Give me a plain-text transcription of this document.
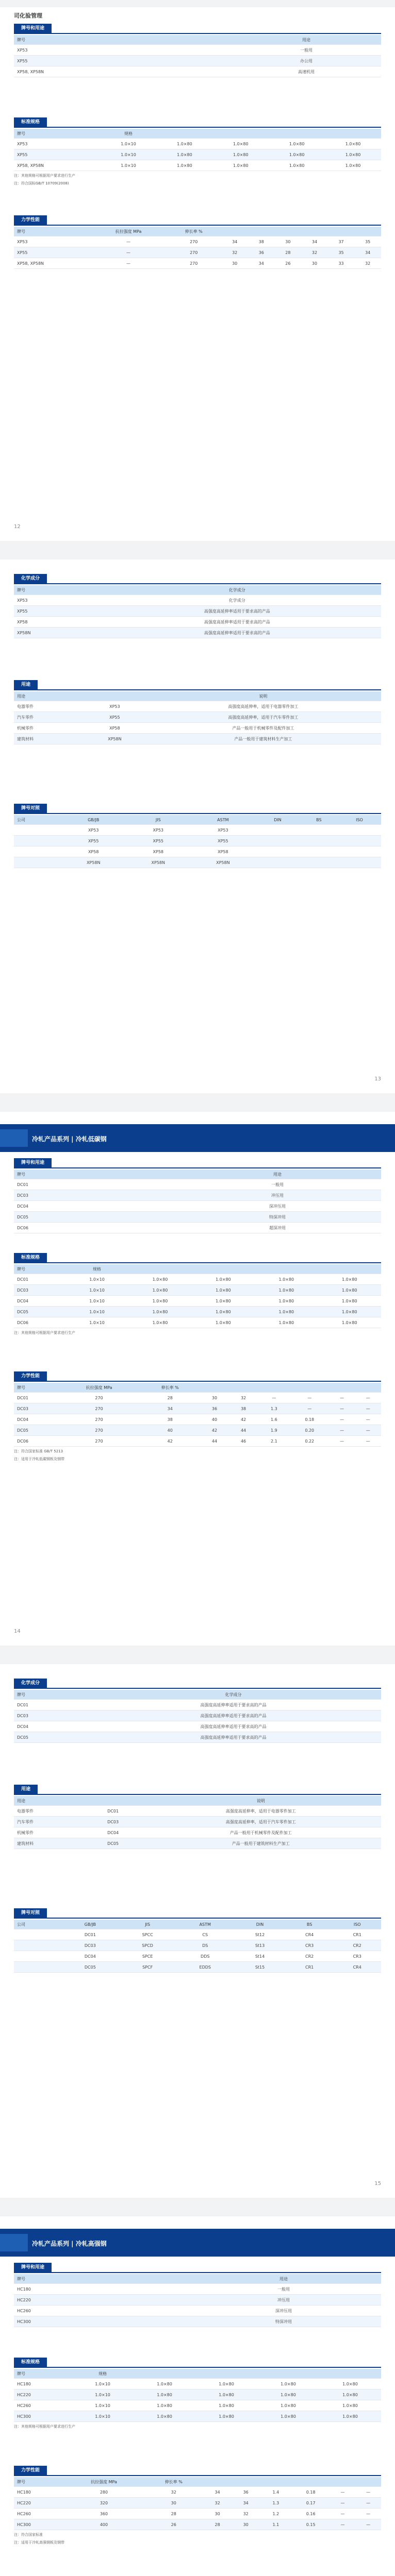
司化验管理
牌号和用途
牌号	用途
XP53	一般用
XP55	办公用
XP58, XP58N	高速机用
标准规格
牌号	规格				
XP53	1.0×10	1.0×80	1.0×80	1.0×80	1.0×80
XP55	1.0×10	1.0×80	1.0×80	1.0×80	1.0×80
XP58, XP58N	1.0×10	1.0×80	1.0×80	1.0×80	1.0×80
注：其他规格可根据用户要求进行生产
注：符合国标GB/T 10709(2008)
力学性能
牌号	抗拉强度 MPa	伸长率 %						
XP53	—	270	34	38	30	34	37	35
XP55	—	270	32	36	28	32	35	34
XP58, XP58N	—	270	30	34	26	30	33	32
12
化学成分
牌号	化学成分
XP53	化学成分
XP55	高强度高延伸率适用于要求高的产品
XP58	高强度高延伸率适用于要求高的产品
XP58N	高强度高延伸率适用于要求高的产品
用途
用途		说明
电器零件	XP53	高强度高延伸率，适用于电器零件加工
汽车零件	XP55	高强度高延伸率，适用于汽车零件加工
机械零件	XP58	产品一般用于机械零件及配件加工
建筑材料	XP58N	产品一般用于建筑材料生产加工
牌号对照
公司	GB/JB	JIS	ASTM	DIN	BS	ISO
	XP53	XP53	XP53			
	XP55	XP55	XP55			
	XP58	XP58	XP58			
	XP58N	XP58N	XP58N			
13
冷轧产品系列 | 冷轧低碳钢
牌号和用途
牌号	用途
DC01	一般用
DC03	冲压用
DC04	深冲压用
DC05	特深冲用
DC06	超深冲用
标准规格
牌号	规格				
DC01	1.0×10	1.0×80	1.0×80	1.0×80	1.0×80
DC03	1.0×10	1.0×80	1.0×80	1.0×80	1.0×80
DC04	1.0×10	1.0×80	1.0×80	1.0×80	1.0×80
DC05	1.0×10	1.0×80	1.0×80	1.0×80	1.0×80
DC06	1.0×10	1.0×80	1.0×80	1.0×80	1.0×80
注：其他规格可根据用户要求进行生产
力学性能
牌号	抗拉强度 MPa	伸长率 %						
DC01	270	28	30	32	—	—	—	—
DC03	270	34	36	38	1.3	—	—	—
DC04	270	38	40	42	1.6	0.18	—	—
DC05	270	40	42	44	1.9	0.20	—	—
DC06	270	42	44	46	2.1	0.22	—	—
注：符合国家标准 GB/T 5213
注：适用于冷轧低碳钢板及钢带
14
化学成分
牌号	化学成分
DC01	高强度高延伸率适用于要求高的产品
DC03	高强度高延伸率适用于要求高的产品
DC04	高强度高延伸率适用于要求高的产品
DC05	高强度高延伸率适用于要求高的产品
用途
用途		说明
电器零件	DC01	高强度高延伸率，适用于电器零件加工
汽车零件	DC03	高强度高延伸率，适用于汽车零件加工
机械零件	DC04	产品一般用于机械零件及配件加工
建筑材料	DC05	产品一般用于建筑材料生产加工
牌号对照
公司	GB/JB	JIS	ASTM	DIN	BS	ISO
	DC01	SPCC	CS	St12	CR4	CR1
	DC03	SPCD	DS	St13	CR3	CR2
	DC04	SPCE	DDS	St14	CR2	CR3
	DC05	SPCF	EDDS	St15	CR1	CR4
15
冷轧产品系列 | 冷轧高强钢
牌号和用途
牌号	用途
HC180	一般用
HC220	冲压用
HC260	深冲压用
HC300	特深冲用
标准规格
牌号	规格				
HC180	1.0×10	1.0×80	1.0×80	1.0×80	1.0×80
HC220	1.0×10	1.0×80	1.0×80	1.0×80	1.0×80
HC260	1.0×10	1.0×80	1.0×80	1.0×80	1.0×80
HC300	1.0×10	1.0×80	1.0×80	1.0×80	1.0×80
注：其他规格可根据用户要求进行生产
力学性能
牌号	抗拉强度 MPa	伸长率 %						
HC180	280	32	34	36	1.4	0.18	—	—
HC220	320	30	32	34	1.3	0.17	—	—
HC260	360	28	30	32	1.2	0.16	—	—
HC300	400	26	28	30	1.1	0.15	—	—
注：符合国家标准
注：适用于冷轧高强钢板及钢带
